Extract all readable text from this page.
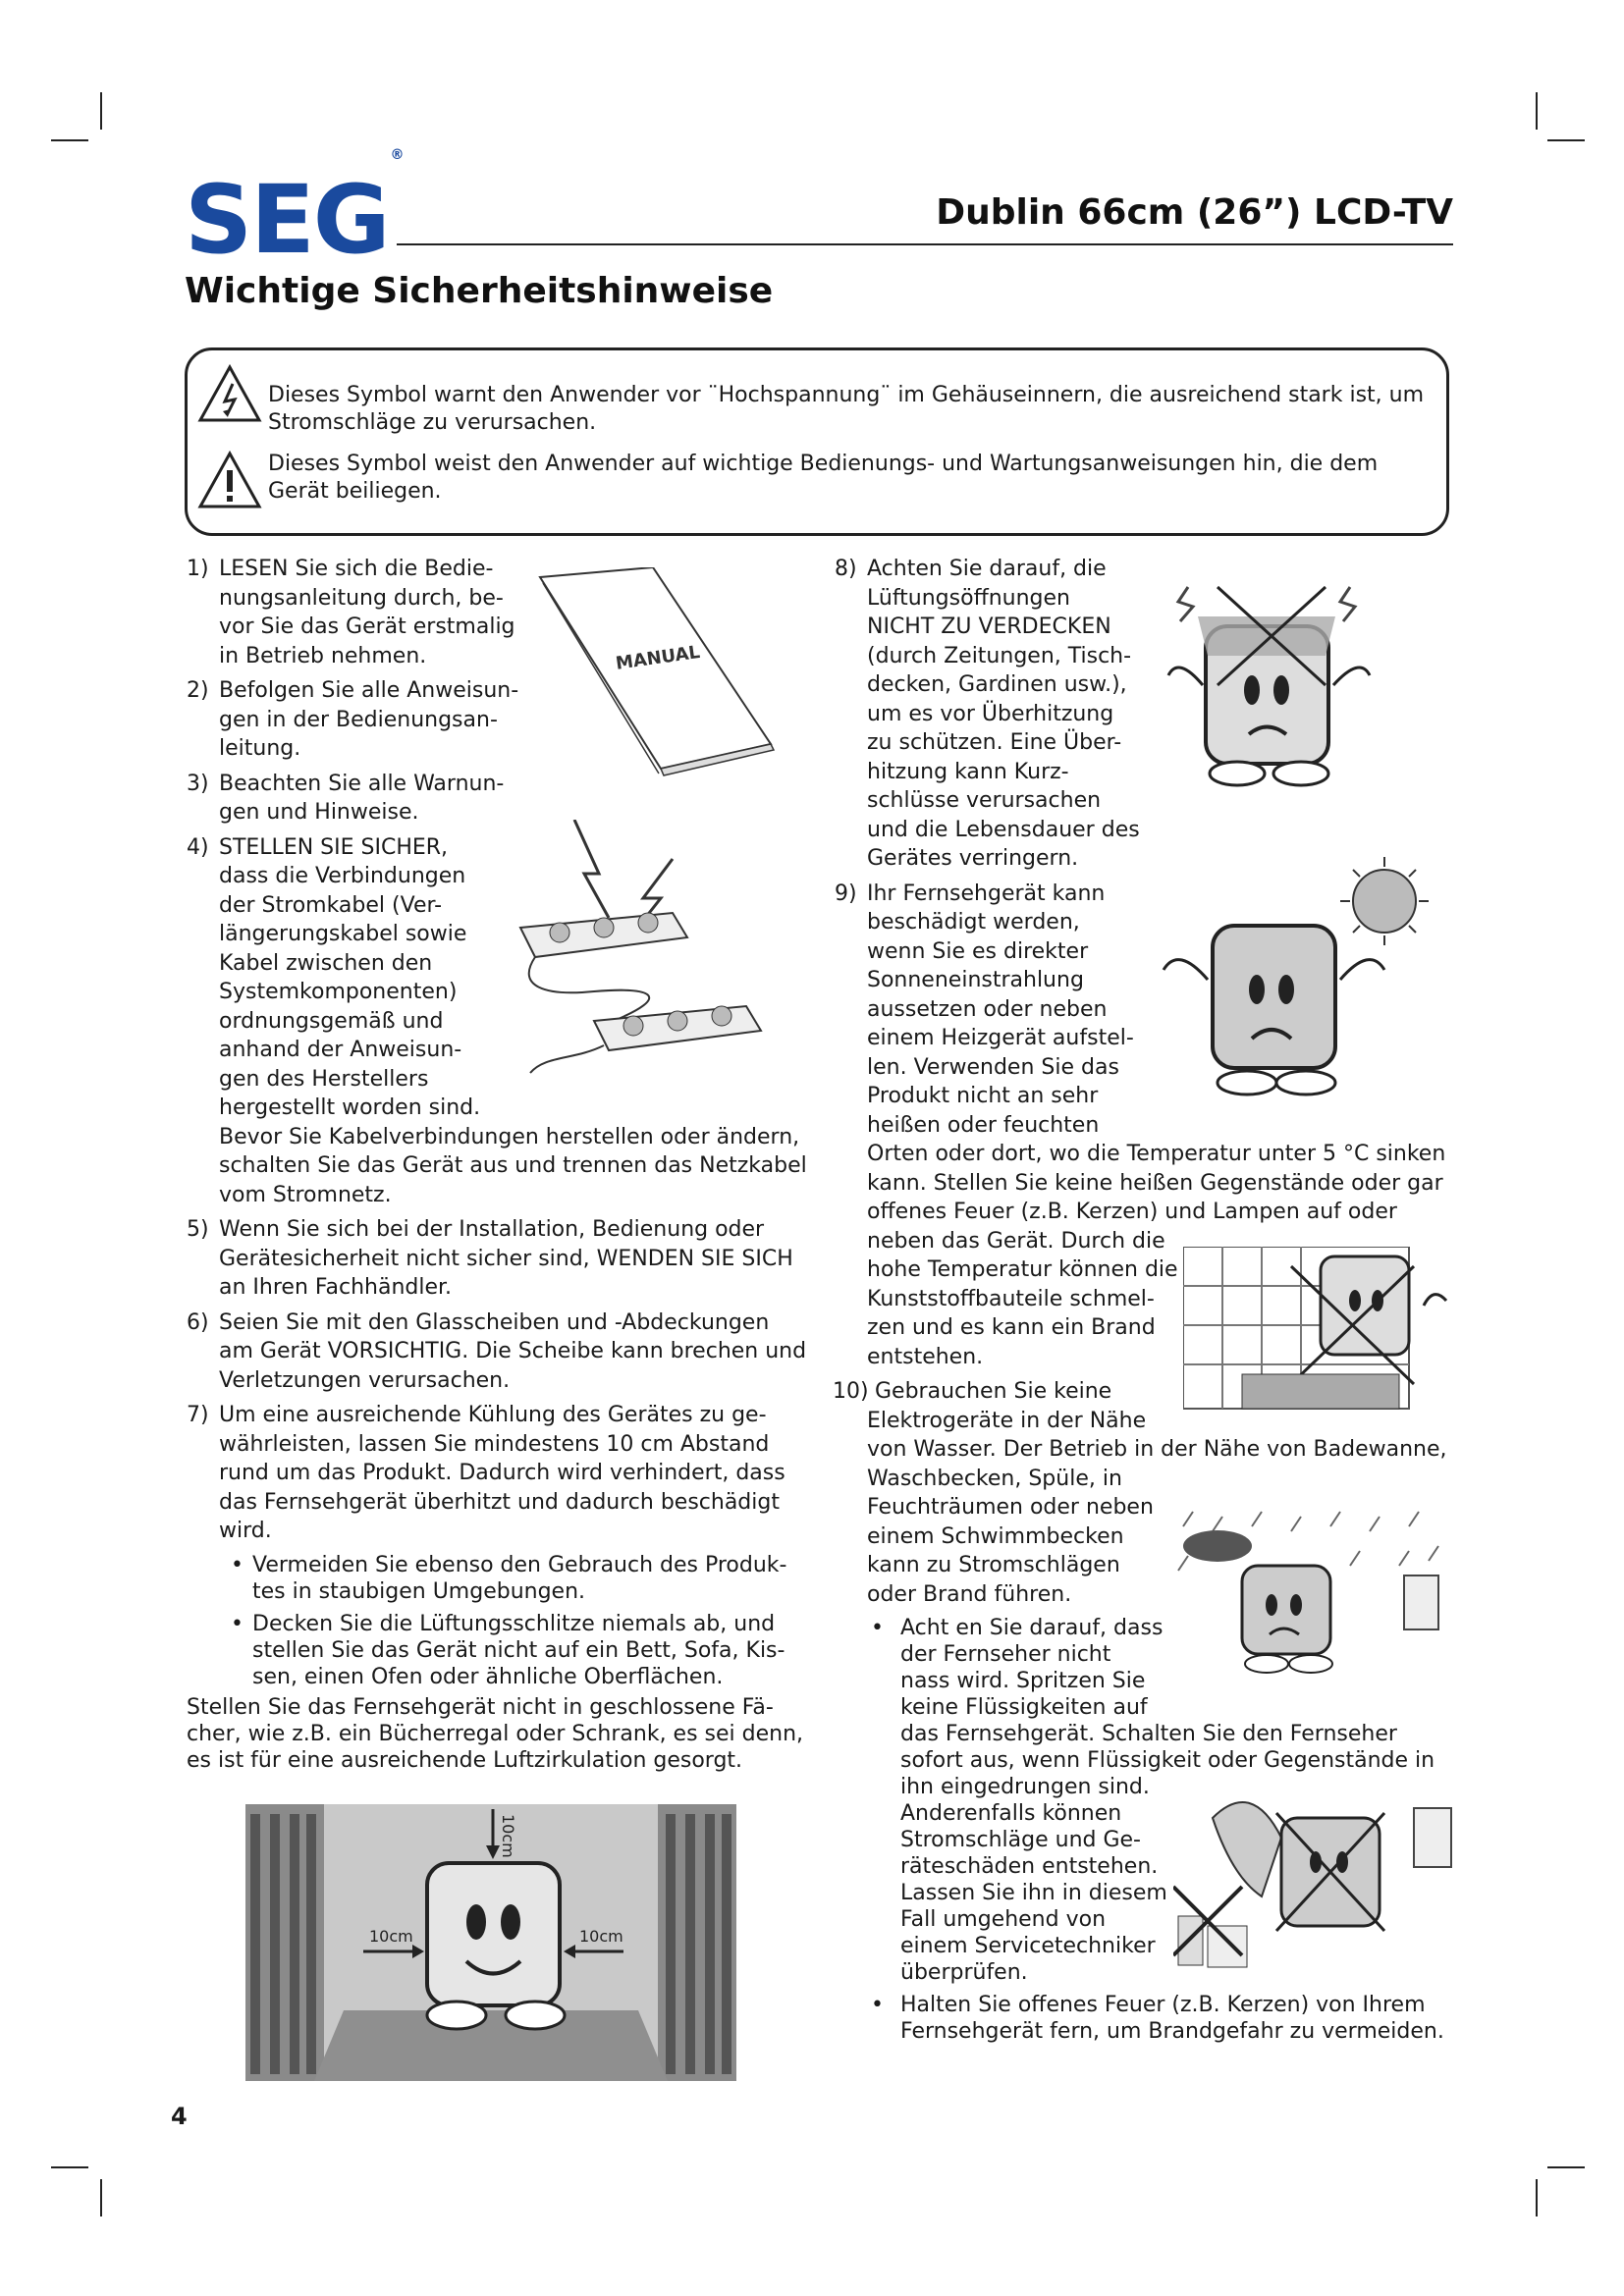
SEG®
Dublin 66cm (26”) LCD-TV
Wichtige Sicherheitshinweise
Dieses Symbol warnt den Anwender vor ¨Hochspannung¨ im Gehäuseinnern, die ausreichend stark ist, um Stromschläge zu verursachen.
Dieses Symbol weist den Anwender auf wichtige Bedienungs- und Wartungsanweisungen hin, die dem Gerät beiliegen.
1) LESEN Sie sich die Bedie-
nungsanleitung durch, be-
vor Sie das Gerät erstmalig
in Betrieb nehmen.
2) Befolgen Sie alle Anweisun-
gen in der Bedienungsan-
leitung.
3) Beachten Sie alle Warnun-
gen und Hinweise.
4) STELLEN SIE SICHER,
dass die Verbindungen
der Stromkabel (Ver-
längerungskabel sowie
Kabel zwischen den
Systemkomponenten)
ordnungsgemäß und
anhand der Anweisun-
gen des Herstellers
hergestellt worden sind.
Bevor Sie Kabelverbindungen herstellen oder ändern,
schalten Sie das Gerät aus und trennen das Netzkabel
vom Stromnetz.
5) Wenn Sie sich bei der Installation, Bedienung oder
Gerätesicherheit nicht sicher sind, WENDEN SIE SICH
an Ihren Fachhändler.
6) Seien Sie mit den Glasscheiben und -Abdeckungen
am Gerät VORSICHTIG. Die Scheibe kann brechen und
Verletzungen verursachen.
7) Um eine ausreichende Kühlung des Gerätes zu ge-
währleisten, lassen Sie mindestens 10 cm Abstand
rund um das Produkt. Dadurch wird verhindert, dass
das Fernsehgerät überhitzt und dadurch beschädigt
wird.
• Vermeiden Sie ebenso den Gebrauch des Produk-
tes in staubigen Umgebungen.
• Decken Sie die Lüftungsschlitze niemals ab, und
stellen Sie das Gerät nicht auf ein Bett, Sofa, Kis-
sen, einen Ofen oder ähnliche Oberflächen.
Stellen Sie das Fernsehgerät nicht in geschlossene Fä-
cher, wie z.B. ein Bücherregal oder Schrank, es sei denn,
es ist für eine ausreichende Luftzirkulation gesorgt.
MANUAL
10cm
10cm	10cm
8) Achten Sie darauf, die
Lüftungsöffnungen
NICHT ZU VERDECKEN
(durch Zeitungen, Tisch-
decken, Gardinen usw.),
um es vor Überhitzung
zu schützen. Eine Über-
hitzung kann Kurz-
schlüsse verursachen
und die Lebensdauer des
Gerätes verringern.
9) Ihr Fernsehgerät kann
beschädigt werden,
wenn Sie es direkter
Sonneneinstrahlung
aussetzen oder neben
einem Heizgerät aufstel-
len. Verwenden Sie das
Produkt nicht an sehr
heißen oder feuchten
Orten oder dort, wo die Temperatur unter 5 °C sinken
kann. Stellen Sie keine heißen Gegenstände oder gar
offenes Feuer (z.B. Kerzen) und Lampen auf oder
neben das Gerät. Durch die
hohe Temperatur können die
Kunststoffbauteile schmel-
zen und es kann ein Brand
entstehen.
10) Gebrauchen Sie keine
Elektrogeräte in der Nähe
von Wasser. Der Betrieb in der Nähe von Badewanne,
Waschbecken, Spüle, in
Feuchträumen oder neben
einem Schwimmbecken
kann zu Stromschlägen
oder Brand führen.
• Acht en Sie darauf, dass
der Fernseher nicht
nass wird. Spritzen Sie
keine Flüssigkeiten auf
das Fernsehgerät. Schalten Sie den Fernseher
sofort aus, wenn Flüssigkeit oder Gegenstände in
ihn eingedrungen sind.
Anderenfalls können
Stromschläge und Ge-
räteschäden entstehen.
Lassen Sie ihn in diesem
Fall umgehend von
einem Servicetechniker
überprüfen.
• Halten Sie offenes Feuer (z.B. Kerzen) von Ihrem
Fernsehgerät fern, um Brandgefahr zu vermeiden.
4
